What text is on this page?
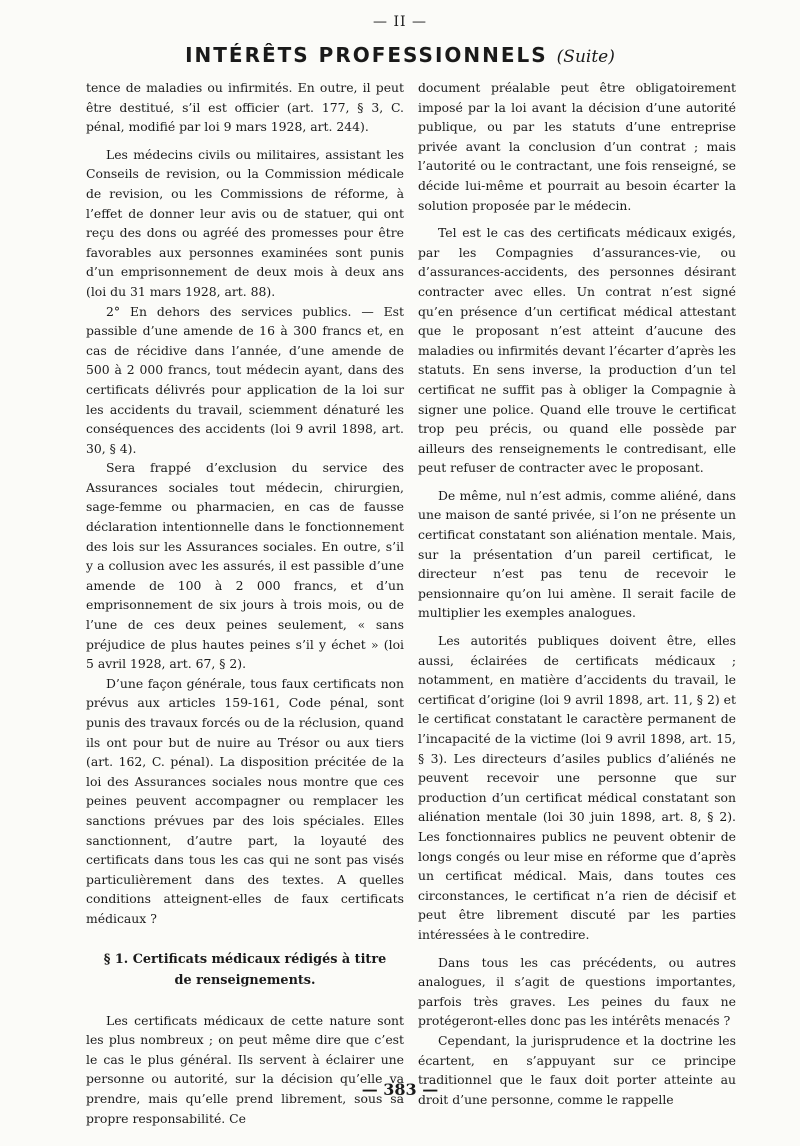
— II —
INTÉRÊTS PROFESSIONNELS (Suite)

tence de maladies ou infirmités. En outre, il peut être destitué, s’il est officier (art. 177, § 3, C. pénal, modifié par loi 9 mars 1928, art. 244).

Les médecins civils ou militaires, assistant les Conseils de revision, ou la Commission médicale de revision, ou les Commissions de réforme, à l’effet de donner leur avis ou de statuer, qui ont reçu des dons ou agréé des promesses pour être favorables aux personnes examinées sont punis d’un emprisonnement de deux mois à deux ans (loi du 31 mars 1928, art. 88).

2° En dehors des services publics. — Est passible d’une amende de 16 à 300 francs et, en cas de récidive dans l’année, d’une amende de 500 à 2 000 francs, tout médecin ayant, dans des certificats délivrés pour application de la loi sur les accidents du travail, sciemment dénaturé les conséquences des accidents (loi 9 avril 1898, art. 30, § 4).

Sera frappé d’exclusion du service des Assurances sociales tout médecin, chirurgien, sage-femme ou pharmacien, en cas de fausse déclaration intentionnelle dans le fonctionnement des lois sur les Assurances sociales. En outre, s’il y a collusion avec les assurés, il est passible d’une amende de 100 à 2 000 francs, et d’un emprisonnement de six jours à trois mois, ou de l’une de ces deux peines seulement, « sans préjudice de plus hautes peines s’il y échet » (loi 5 avril 1928, art. 67, § 2).

D’une façon générale, tous faux certificats non prévus aux articles 159-161, Code pénal, sont punis des travaux forcés ou de la réclusion, quand ils ont pour but de nuire au Trésor ou aux tiers (art. 162, C. pénal). La disposition précitée de la loi des Assurances sociales nous montre que ces peines peuvent accompagner ou remplacer les sanctions prévues par des lois spéciales. Elles sanctionnent, d’autre part, la loyauté des certificats dans tous les cas qui ne sont pas visés particulièrement dans des textes. A quelles conditions atteignent-elles de faux certificats médicaux ?

§ 1. Certificats médicaux rédigés à titre
de renseignements.

Les certificats médicaux de cette nature sont les plus nombreux ; on peut même dire que c’est le cas le plus général. Ils servent à éclairer une personne ou autorité, sur la décision qu’elle va prendre, mais qu’elle prend librement, sous sa propre responsabilité. Ce

document préalable peut être obligatoirement imposé par la loi avant la décision d’une autorité publique, ou par les statuts d’une entreprise privée avant la conclusion d’un contrat ; mais l’autorité ou le contractant, une fois renseigné, se décide lui-même et pourrait au besoin écarter la solution proposée par le médecin.

Tel est le cas des certificats médicaux exigés, par les Compagnies d’assurances-vie, ou d’assurances-accidents, des personnes désirant contracter avec elles. Un contrat n’est signé qu’en présence d’un certificat médical attestant que le proposant n’est atteint d’aucune des maladies ou infirmités devant l’écarter d’après les statuts. En sens inverse, la production d’un tel certificat ne suffit pas à obliger la Compagnie à signer une police. Quand elle trouve le certificat trop peu précis, ou quand elle possède par ailleurs des renseignements le contredisant, elle peut refuser de contracter avec le proposant.

De même, nul n’est admis, comme aliéné, dans une maison de santé privée, si l’on ne présente un certificat constatant son aliénation mentale. Mais, sur la présentation d’un pareil certificat, le directeur n’est pas tenu de recevoir le pensionnaire qu’on lui amène. Il serait facile de multiplier les exemples analogues.

Les autorités publiques doivent être, elles aussi, éclairées de certificats médicaux ; notamment, en matière d’accidents du travail, le certificat d’origine (loi 9 avril 1898, art. 11, § 2) et le certificat constatant le caractère permanent de l’incapacité de la victime (loi 9 avril 1898, art. 15, § 3). Les directeurs d’asiles publics d’aliénés ne peuvent recevoir une personne que sur production d’un certificat médical constatant son aliénation mentale (loi 30 juin 1898, art. 8, § 2). Les fonctionnaires publics ne peuvent obtenir de longs congés ou leur mise en réforme que d’après un certificat médical. Mais, dans toutes ces circonstances, le certificat n’a rien de décisif et peut être librement discuté par les parties intéressées à le contredire.

Dans tous les cas précédents, ou autres analogues, il s’agit de questions importantes, parfois très graves. Les peines du faux ne protégeront-elles donc pas les intérêts menacés ?

Cependant, la jurisprudence et la doctrine les écartent, en s’appuyant sur ce principe traditionnel que le faux doit porter atteinte au droit d’une personne, comme le rappelle

— 383 —
